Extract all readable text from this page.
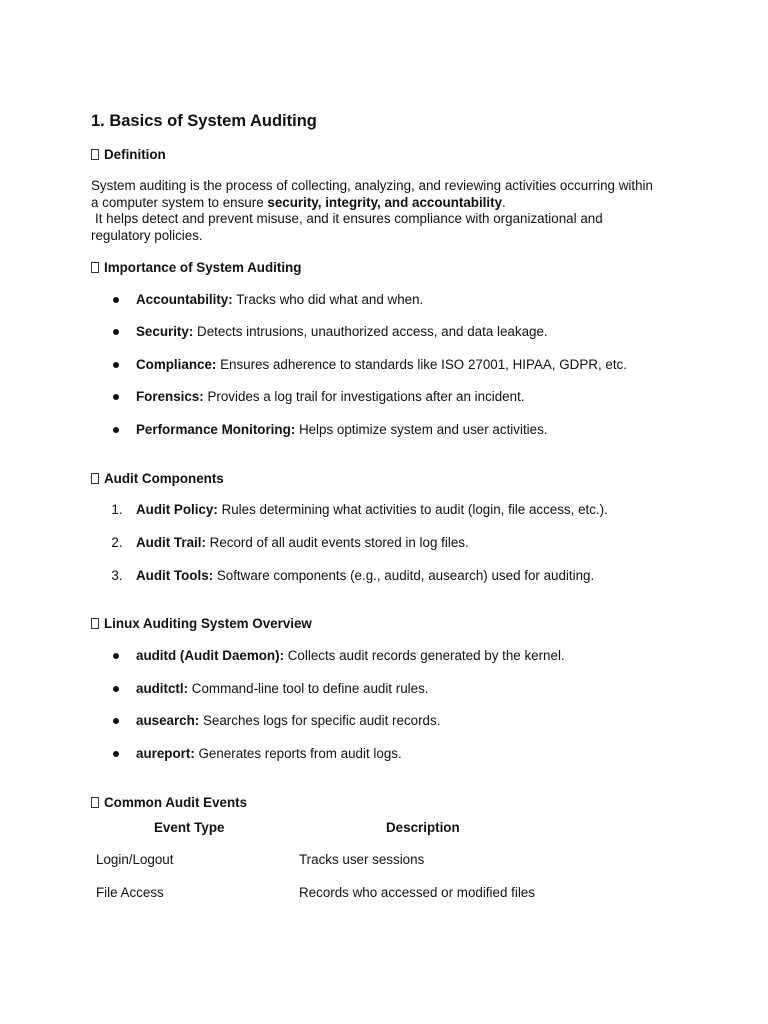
1. Basics of System Auditing
Definition

System auditing is the process of collecting, analyzing, and reviewing activities occurring within

a computer system to ensure security, integrity, and accountability.

It helps detect and prevent misuse, and it ensures compliance with organizational and

regulatory policies.

Importance of System Auditing
Accountability: Tracks who did what and when.
Security: Detects intrusions, unauthorized access, and data leakage.
Compliance: Ensures adherence to standards like ISO 27001, HIPAA, GDPR, etc.
Forensics: Provides a log trail for investigations after an incident.
Performance Monitoring: Helps optimize system and user activities.
Audit Components
1. Audit Policy: Rules determining what activities to audit (login, file access, etc.).
2. Audit Trail: Record of all audit events stored in log files.
3. Audit Tools: Software components (e.g., auditd, ausearch) used for auditing.
Linux Auditing System Overview
auditd (Audit Daemon): Collects audit records generated by the kernel.
auditctl: Command-line tool to define audit rules.
ausearch: Searches logs for specific audit records.
aureport: Generates reports from audit logs.
Common Audit Events
Event Type	Description
Login/Logout	Tracks user sessions
File Access	Records who accessed or modified files
